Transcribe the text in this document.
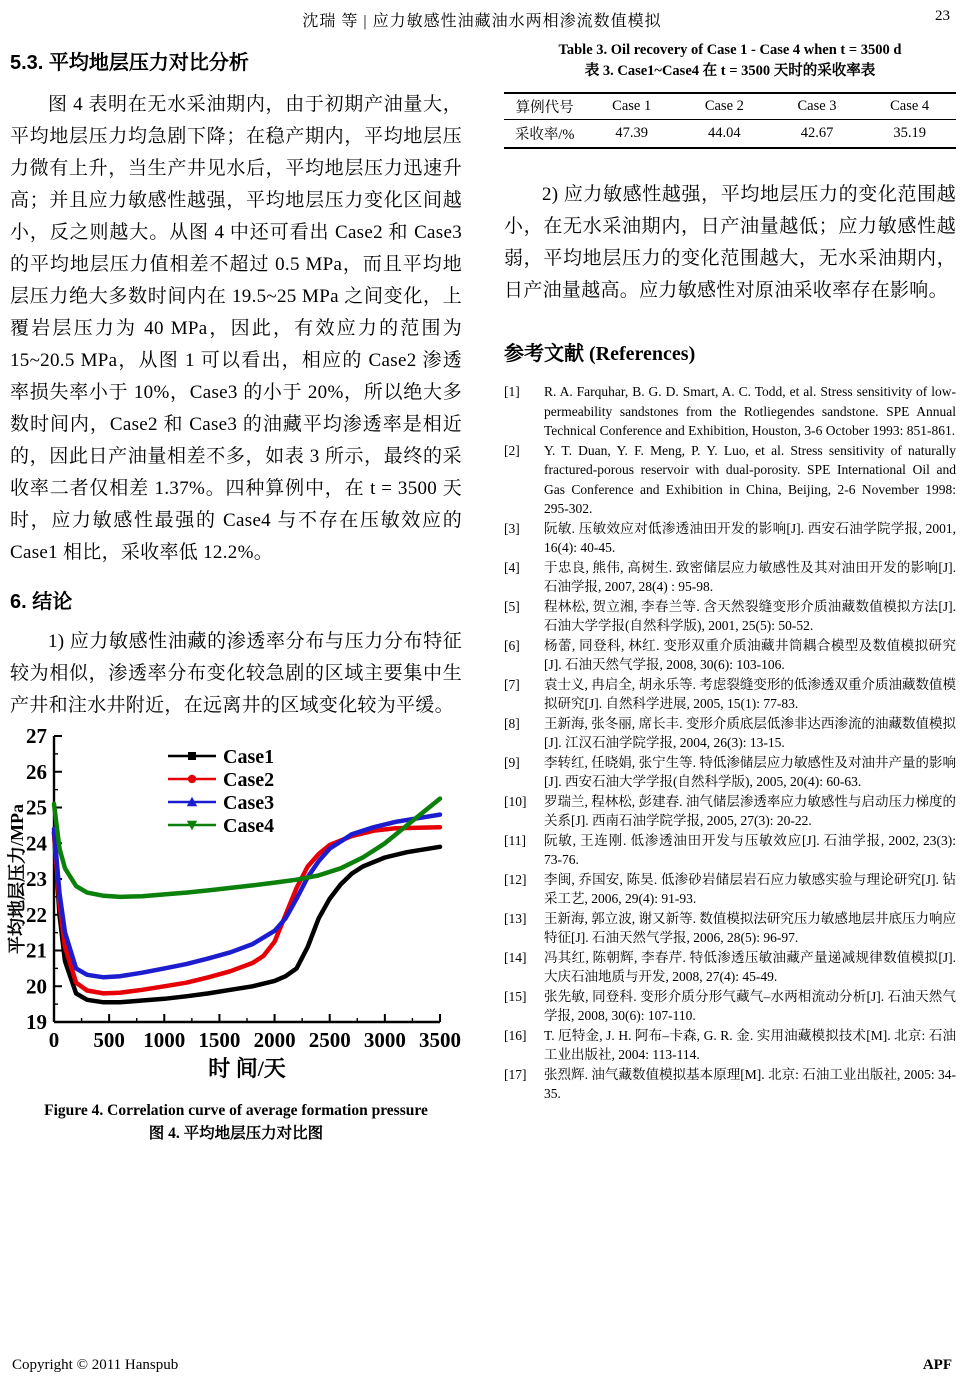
沈瑞 等 | 应力敏感性油藏油水两相渗流数值模拟	23
5.3. 平均地层压力对比分析

图 4 表明在无水采油期内，由于初期产油量大，平均地层压力均急剧下降；在稳产期内，平均地层压力微有上升，当生产井见水后，平均地层压力迅速升高；并且应力敏感性越强，平均地层压力变化区间越小，反之则越大。从图 4 中还可看出 Case2 和 Case3 的平均地层压力值相差不超过 0.5 MPa，而且平均地层压力绝大多数时间内在 19.5~25 MPa 之间变化，上覆岩层压力为 40 MPa，因此，有效应力的范围为 15~20.5 MPa，从图 1 可以看出，相应的 Case2 渗透率损失率小于 10%，Case3 的小于 20%，所以绝大多数时间内，Case2 和 Case3 的油藏平均渗透率是相近的，因此日产油量相差不多，如表 3 所示，最终的采收率二者仅相差 1.37%。四种算例中，在 t = 3500 天时，应力敏感性最强的 Case4 与不存在压敏效应的 Case1 相比，采收率低 12.2%。

6. 结论

1) 应力敏感性油藏的渗透率分布与压力分布特征较为相似，渗透率分布变化较急剧的区域主要集中生产井和注水井附近，在远离井的区域变化较为平缓。

19
20
21
22
23
24
25
26
27
0 500 1000 1500 2000 2500 3000 3500
平均地层压力/MPa
时 间/天
Case1
Case2
Case3
Case4
Figure 4. Correlation curve of average formation pressure
图 4. 平均地层压力对比图
Table 3. Oil recovery of Case 1 - Case 4 when t = 3500 d
表 3. Case1~Case4 在 t = 3500 天时的采收率表
算例代号	Case 1	Case 2	Case 3	Case 4
采收率/%	47.39	44.04	42.67	35.19

2) 应力敏感性越强，平均地层压力的变化范围越小，在无水采油期内，日产油量越低；应力敏感性越弱，平均地层压力的变化范围越大，无水采油期内，日产油量越高。应力敏感性对原油采收率存在影响。

参考文献 (References)
[1]	R. A. Farquhar, B. G. D. Smart, A. C. Todd, et al. Stress sensitivity of low-permeability sandstones from the Rotliegendes sandstone. SPE Annual Technical Conference and Exhibition, Houston, 3-6 October 1993: 851-861.
[2]	Y. T. Duan, Y. F. Meng, P. Y. Luo, et al. Stress sensitivity of naturally fractured-porous reservoir with dual-porosity. SPE International Oil and Gas Conference and Exhibition in China, Beijing, 2-6 November 1998: 295-302.
[3]	阮敏. 压敏效应对低渗透油田开发的影响[J]. 西安石油学院学报, 2001, 16(4): 40-45.
[4]	于忠良, 熊伟, 高树生. 致密储层应力敏感性及其对油田开发的影响[J]. 石油学报, 2007, 28(4) : 95-98.
[5]	程林松, 贺立湘, 李春兰等. 含天然裂缝变形介质油藏数值模拟方法[J]. 石油大学学报(自然科学版), 2001, 25(5): 50-52.
[6]	杨蕾, 同登科, 林红. 变形双重介质油藏井筒耦合模型及数值模拟研究[J]. 石油天然气学报, 2008, 30(6): 103-106.
[7]	袁士义, 冉启全, 胡永乐等. 考虑裂缝变形的低渗透双重介质油藏数值模拟研究[J]. 自然科学进展, 2005, 15(1): 77-83.
[8]	王新海, 张冬丽, 席长丰. 变形介质底层低渗非达西渗流的油藏数值模拟[J]. 江汉石油学院学报, 2004, 26(3): 13-15.
[9]	李转红, 任晓娟, 张宁生等. 特低渗储层应力敏感性及对油井产量的影响[J]. 西安石油大学学报(自然科学版), 2005, 20(4): 60-63.
[10]	罗瑞兰, 程林松, 彭建春. 油气储层渗透率应力敏感性与启动压力梯度的关系[J]. 西南石油学院学报, 2005, 27(3): 20-22.
[11]	阮敏, 王连刚. 低渗透油田开发与压敏效应[J]. 石油学报, 2002, 23(3): 73-76.
[12]	李闽, 乔国安, 陈昊. 低渗砂岩储层岩石应力敏感实验与理论研究[J]. 钻采工艺, 2006, 29(4): 91-93.
[13]	王新海, 郭立波, 谢又新等. 数值模拟法研究压力敏感地层井底压力响应特征[J]. 石油天然气学报, 2006, 28(5): 96-97.
[14]	冯其红, 陈朝辉, 李春芹. 特低渗透压敏油藏产量递减规律数值模拟[J]. 大庆石油地质与开发, 2008, 27(4): 45-49.
[15]	张先敏, 同登科. 变形介质分形气藏气–水两相流动分析[J]. 石油天然气学报, 2008, 30(6): 107-110.
[16]	T. 厄特金, J. H. 阿布–卡森, G. R. 金. 实用油藏模拟技术[M]. 北京: 石油工业出版社, 2004: 113-114.
[17]	张烈辉. 油气藏数值模拟基本原理[M]. 北京: 石油工业出版社, 2005: 34-35.
Copyright © 2011 Hanspub	APF
